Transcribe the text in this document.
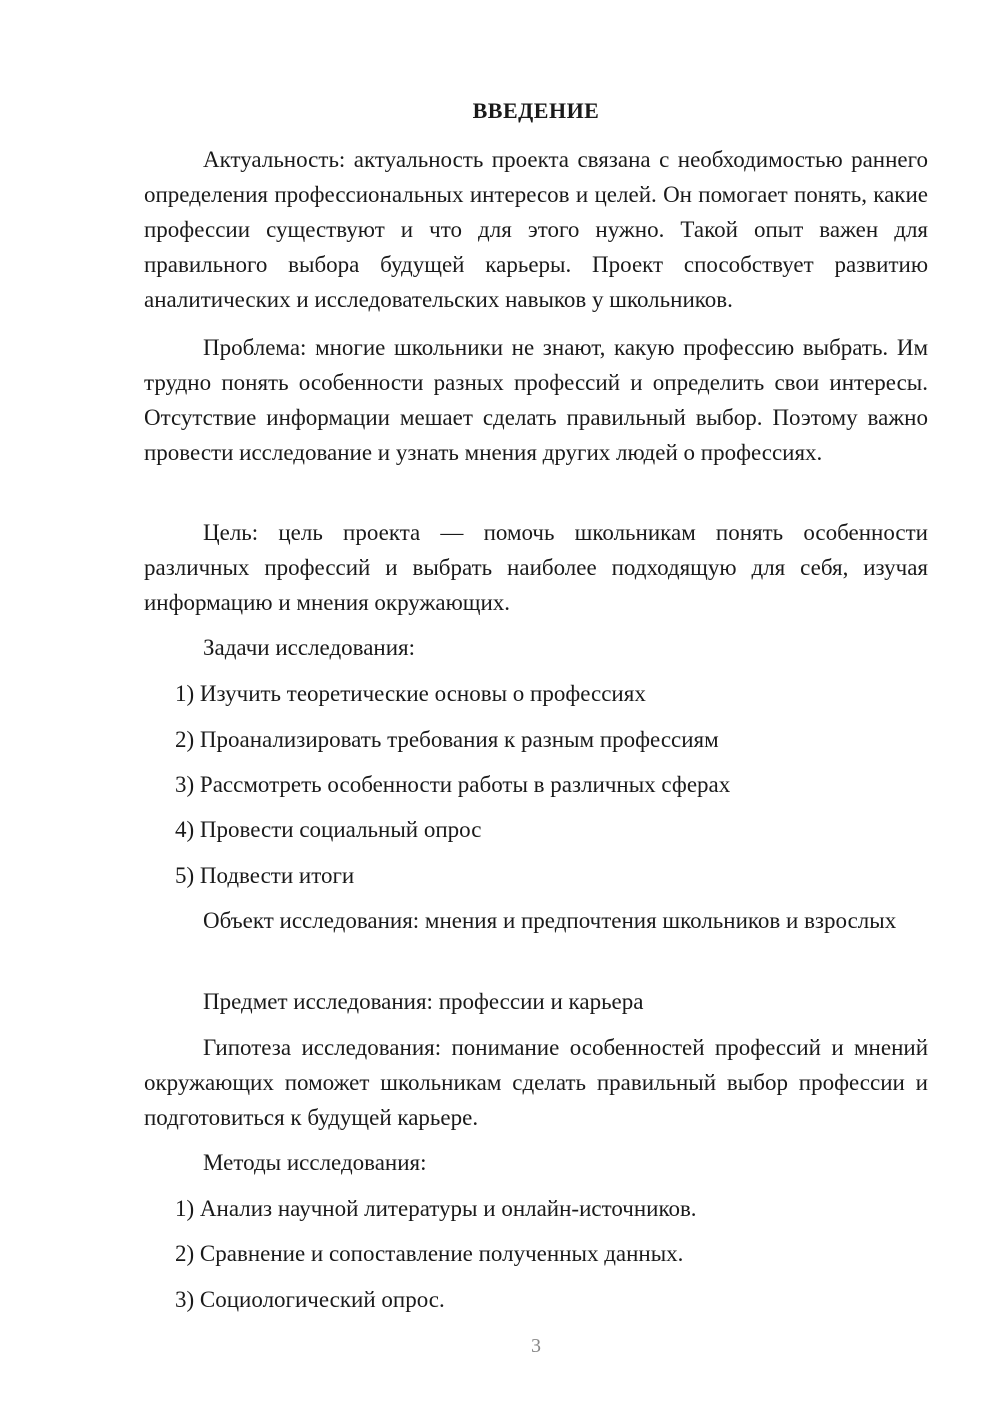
ВВЕДЕНИЕ

Актуальность: актуальность проекта связана с необходимостью раннего определения профессиональных интересов и целей. Он помогает понять, какие профессии существуют и что для этого нужно. Такой опыт важен для правильного выбора будущей карьеры. Проект способствует развитию аналитических и исследовательских навыков у школьников.

Проблема: многие школьники не знают, какую профессию выбрать. Им трудно понять особенности разных профессий и определить свои интересы. Отсутствие информации мешает сделать правильный выбор. Поэтому важно провести исследование и узнать мнения других людей о профессиях.

Цель: цель проекта — помочь школьникам понять особенности различных профессий и выбрать наиболее подходящую для себя, изучая информацию и мнения окружающих.

Задачи исследования:

1) Изучить теоретические основы о профессиях

2) Проанализировать требования к разным профессиям

3) Рассмотреть особенности работы в различных сферах

4) Провести социальный опрос

5) Подвести итоги

Объект исследования: мнения и предпочтения школьников и взрослых

Предмет исследования: профессии и карьера

Гипотеза исследования: понимание особенностей профессий и мнений окружающих поможет школьникам сделать правильный выбор профессии и подготовиться к будущей карьере.

Методы исследования:

1) Анализ научной литературы и онлайн-источников.

2) Сравнение и сопоставление полученных данных.

3) Социологический опрос.

3
